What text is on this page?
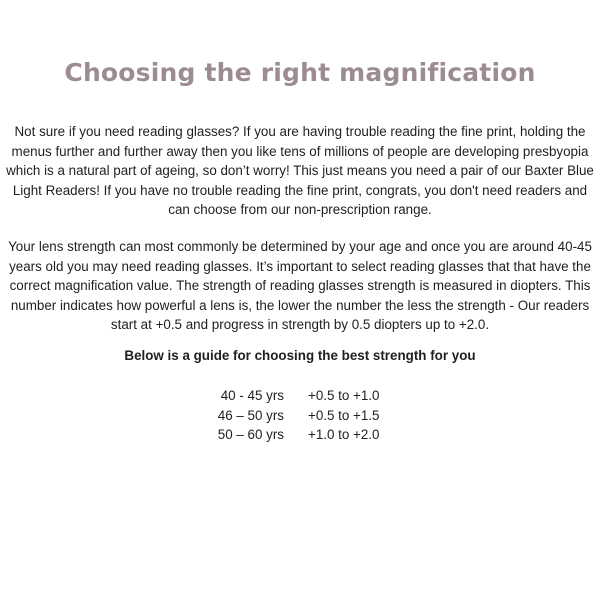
Choosing the right magnification

Not sure if you need reading glasses? If you are having trouble reading the fine print, holding the menus further and further away then you like tens of millions of people are developing presbyopia which is a natural part of ageing, so don’t worry! This just means you need a pair of our Baxter Blue Light Readers! If you have no trouble reading the fine print, congrats, you don't need readers and can choose from our non-prescription range.

Your lens strength can most commonly be determined by your age and once you are around 40-45 years old you may need reading glasses. It’s important to select reading glasses that that have the correct magnification value. The strength of reading glasses strength is measured in diopters. This number indicates how powerful a lens is, the lower the number the less the strength - Our readers start at +0.5 and progress in strength by 0.5 diopters up to +2.0.

Below is a guide for choosing the best strength for you

40 - 45 yrs +0.5 to +1.0
46 – 50 yrs +0.5 to +1.5
50 – 60 yrs +1.0 to +2.0
